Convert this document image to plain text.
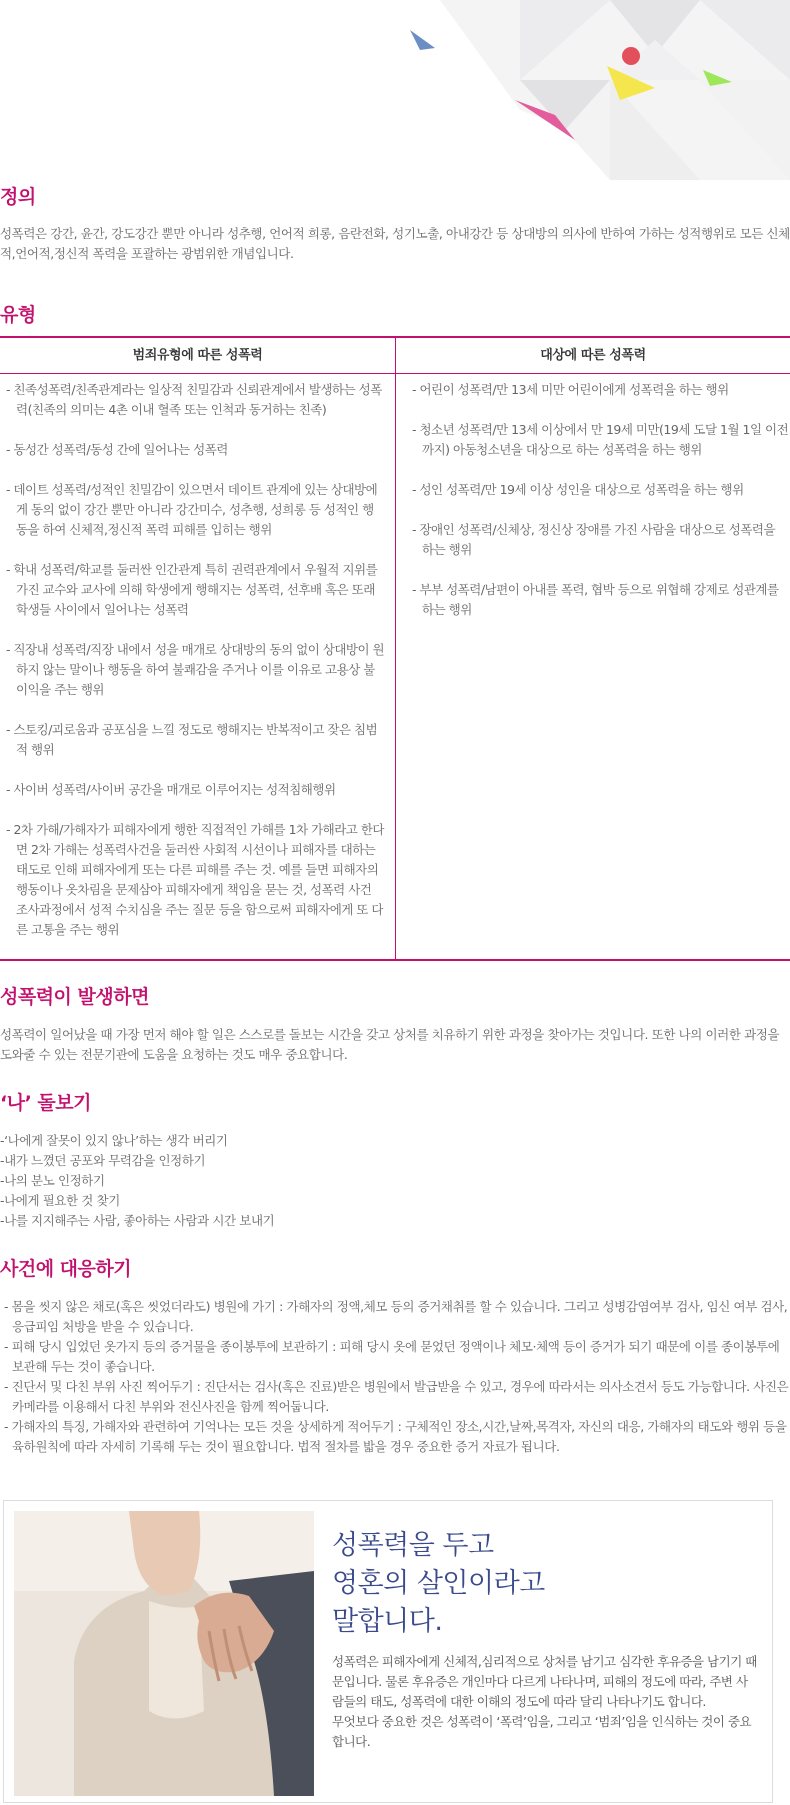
정의

성폭력은 강간, 윤간, 강도강간 뿐만 아니라 성추행, 언어적 희롱, 음란전화, 성기노출, 아내강간 등 상대방의 의사에 반하여 가하는 성적행위로 모든 신체적,언어적,정신적 폭력을 포괄하는 광범위한 개념입니다.

유형
범죄유형에 따른 성폭력	대상에 따른 성폭력
- 친족성폭력/친족관계라는 일상적 친밀감과 신뢰관계에서 발생하는 성폭력(친족의 의미는 4촌 이내 혈족 또는 인척과 동거하는 친족)
- 동성간 성폭력/동성 간에 일어나는 성폭력
- 데이트 성폭력/성적인 친밀감이 있으면서 데이트 관계에 있는 상대방에게 동의 없이 강간 뿐만 아니라 강간미수, 성추행, 성희롱 등 성적인 행동을 하여 신체적,정신적 폭력 피해를 입히는 행위
- 학내 성폭력/학교를 둘러싼 인간관계 특히 권력관계에서 우월적 지위를 가진 교수와 교사에 의해 학생에게 행해지는 성폭력, 선후배 혹은 또래 학생들 사이에서 일어나는 성폭력
- 직장내 성폭력/직장 내에서 성을 매개로 상대방의 동의 없이 상대방이 원하지 않는 말이나 행동을 하여 불쾌감을 주거나 이를 이유로 고용상 불이익을 주는 행위
- 스토킹/괴로움과 공포심을 느낄 정도로 행해지는 반복적이고 잦은 침범적 행위
- 사이버 성폭력/사이버 공간을 매개로 이루어지는 성적침해행위
- 2차 가해/가해자가 피해자에게 행한 직접적인 가해를 1차 가해라고 한다면 2차 가해는 성폭력사건을 둘러싼 사회적 시선이나 피해자를 대하는 태도로 인해 피해자에게 또는 다른 피해를 주는 것. 예를 들면 피해자의 행동이나 옷차림을 문제삼아 피해자에게 책임을 묻는 것, 성폭력 사건 조사과정에서 성적 수치심을 주는 질문 등을 함으로써 피해자에게 또 다른 고통을 주는 행위
- 어린이 성폭력/만 13세 미만 어린이에게 성폭력을 하는 행위
- 청소년 성폭력/만 13세 이상에서 만 19세 미만(19세 도달 1월 1일 이전까지) 아동청소년을 대상으로 하는 성폭력을 하는 행위
- 성인 성폭력/만 19세 이상 성인을 대상으로 성폭력을 하는 행위
- 장애인 성폭력/신체상, 정신상 장애를 가진 사람을 대상으로 성폭력을 하는 행위
- 부부 성폭력/남편이 아내를 폭력, 협박 등으로 위협해 강제로 성관계를 하는 행위
성폭력이 발생하면

성폭력이 일어났을 때 가장 먼저 해야 할 일은 스스로를 돌보는 시간을 갖고 상처를 치유하기 위한 과정을 찾아가는 것입니다. 또한 나의 이러한 과정을 도와줄 수 있는 전문기관에 도움을 요청하는 것도 매우 중요합니다.

‘나’ 돌보기
-‘나에게 잘못이 있지 않나’하는 생각 버리기
-내가 느꼈던 공포와 무력감을 인정하기
-나의 분노 인정하기
-나에게 필요한 것 찾기
-나를 지지해주는 사람, 좋아하는 사람과 시간 보내기
사건에 대응하기
- 몸을 씻지 않은 채로(혹은 씻었더라도) 병원에 가기 : 가해자의 정액,체모 등의 증거채취를 할 수 있습니다. 그리고 성병감염여부 검사, 임신 여부 검사, 응급피임 처방을 받을 수 있습니다.
- 피해 당시 입었던 옷가지 등의 증거물을 종이봉투에 보관하기 : 피해 당시 옷에 묻었던 정액이나 체모·체액 등이 증거가 되기 때문에 이를 종이봉투에 보관해 두는 것이 좋습니다.
- 진단서 및 다친 부위 사진 찍어두기 : 진단서는 검사(혹은 진료)받은 병원에서 발급받을 수 있고, 경우에 따라서는 의사소견서 등도 가능합니다. 사진은 카메라를 이용해서 다친 부위와 전신사진을 함께 찍어둡니다.
- 가해자의 특징, 가해자와 관련하여 기억나는 모든 것을 상세하게 적어두기 : 구체적인 장소,시간,날짜,목격자, 자신의 대응, 가해자의 태도와 행위 등을 육하원칙에 따라 자세히 기록해 두는 것이 필요합니다. 법적 절차를 밟을 경우 중요한 증거 자료가 됩니다.
성폭력을 두고
영혼의 살인이라고
말합니다.

성폭력은 피해자에게 신체적,심리적으로 상처를 남기고 심각한 후유증을 남기기 때문입니다. 물론 후유증은 개인마다 다르게 나타나며, 피해의 정도에 따라, 주변 사람들의 태도, 성폭력에 대한 이해의 정도에 따라 달리 나타나기도 합니다.
무엇보다 중요한 것은 성폭력이 ‘폭력’임을, 그리고 ‘범죄’임을 인식하는 것이 중요합니다.
